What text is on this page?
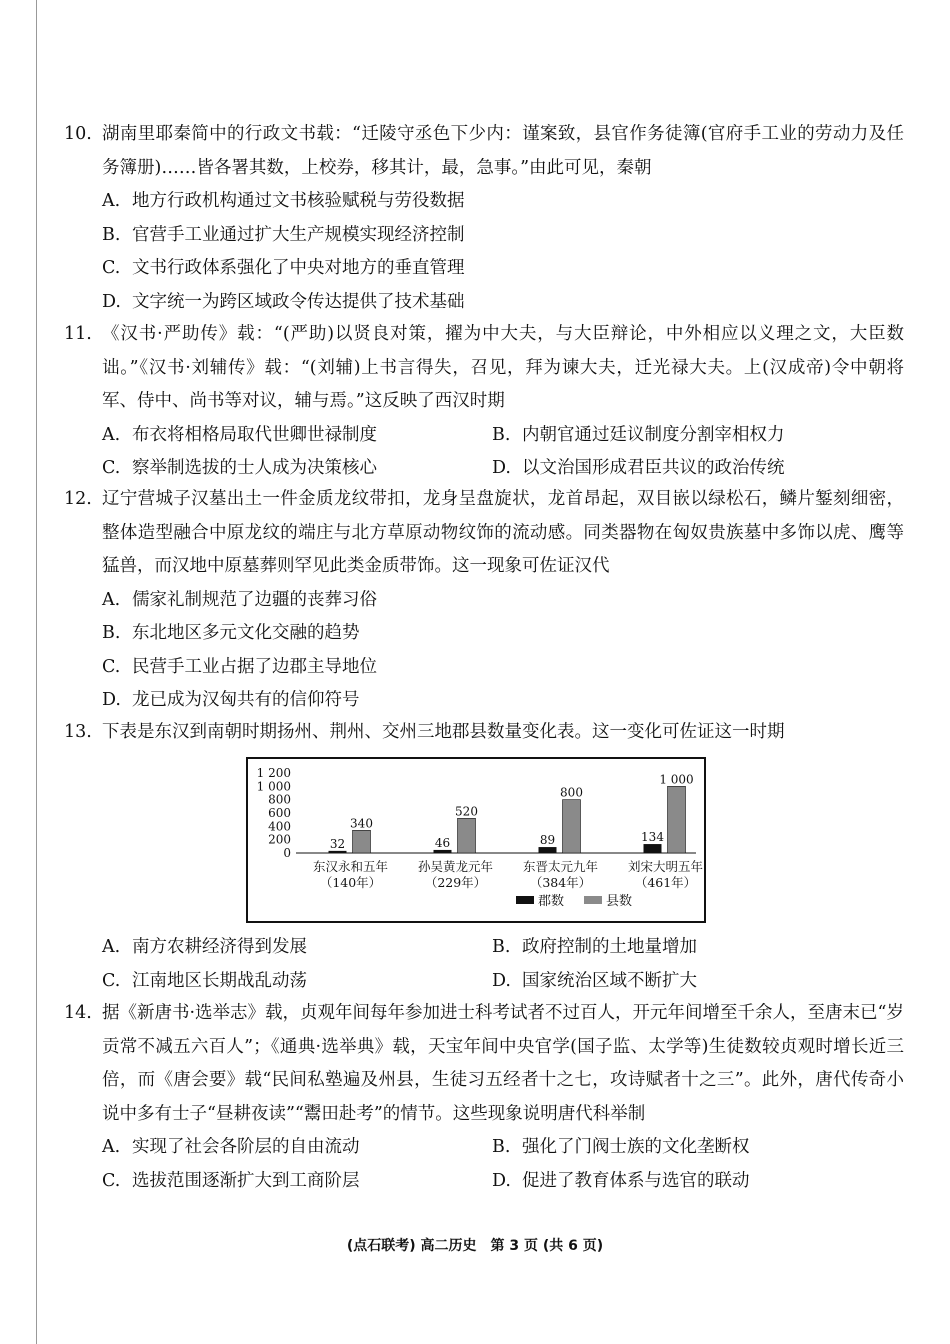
10. 湖南里耶秦简中的行政文书载：“迁陵守丞色下少内：谨案致，县官作务徒簿(官府手工业的劳动力及任务簿册)……皆各署其数，上校券，移其计，最，急事。”由此可见，秦朝
A. 地方行政机构通过文书核验赋税与劳役数据
B. 官营手工业通过扩大生产规模实现经济控制
C. 文书行政体系强化了中央对地方的垂直管理
D. 文字统一为跨区域政令传达提供了技术基础
11. 《汉书·严助传》载：“(严助)以贤良对策，擢为中大夫，与大臣辩论，中外相应以义理之文，大臣数诎。”《汉书·刘辅传》载：“(刘辅)上书言得失，召见，拜为谏大夫，迁光禄大夫。上(汉成帝)令中朝将军、侍中、尚书等对议，辅与焉。”这反映了西汉时期
A. 布衣将相格局取代世卿世禄制度	B. 内朝官通过廷议制度分割宰相权力
C. 察举制选拔的士人成为决策核心	D. 以文治国形成君臣共议的政治传统
12. 辽宁营城子汉墓出土一件金质龙纹带扣，龙身呈盘旋状，龙首昂起，双目嵌以绿松石，鳞片錾刻细密，整体造型融合中原龙纹的端庄与北方草原动物纹饰的流动感。同类器物在匈奴贵族墓中多饰以虎、鹰等猛兽，而汉地中原墓葬则罕见此类金质带饰。这一现象可佐证汉代
A. 儒家礼制规范了边疆的丧葬习俗
B. 东北地区多元文化交融的趋势
C. 民营手工业占据了边郡主导地位
D. 龙已成为汉匈共有的信仰符号
13. 下表是东汉到南朝时期扬州、荆州、交州三地郡县数量变化表。这一变化可佐证这一时期
0
200
400
600
800
1 000
1 200
32
340
东汉永和五年
（140年）
46
520
孙吴黄龙元年
（229年）
89
800
东晋太元九年
（384年）
134
1 000
刘宋大明五年
（461年）
郡数	县数
A. 南方农耕经济得到发展	B. 政府控制的土地量增加
C. 江南地区长期战乱动荡	D. 国家统治区域不断扩大
14. 据《新唐书·选举志》载，贞观年间每年参加进士科考试者不过百人，开元年间增至千余人，至唐末已“岁贡常不减五六百人”；《通典·选举典》载，天宝年间中央官学(国子监、太学等)生徒数较贞观时增长近三倍，而《唐会要》载“民间私塾遍及州县，生徒习五经者十之七，攻诗赋者十之三”。此外，唐代传奇小说中多有士子“昼耕夜读”“鬻田赴考”的情节。这些现象说明唐代科举制
A. 实现了社会各阶层的自由流动	B. 强化了门阀士族的文化垄断权
C. 选拔范围逐渐扩大到工商阶层	D. 促进了教育体系与选官的联动
(点石联考) 高二历史　第 3 页 (共 6 页)
